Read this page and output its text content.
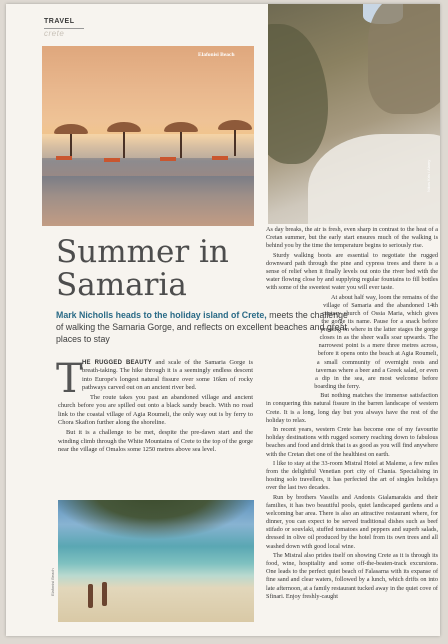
TRAVEL
crete
Elafonisi Beach
Nikos Kris / Alamy
Summer in Samaria
Mark Nicholls heads to the holiday island of Crete, meets the challenge of walking the Samaria Gorge, and reflects on excellent beaches and great places to stay

T HE RUGGED BEAUTY and scale of the Samaria Gorge is breath-taking. The hike through it is a seemingly endless descent into Europe's longest natural fissure over some 16km of rocky pathways carved out on an ancient river bed.

The route takes you past an abandoned village and ancient church before you are spilled out onto a black sandy beach. With no road link to the coastal village of Agia Roumeli, the only way out is by ferry to Chora Skafion further along the shoreline.

But it is a challenge to be met, despite the pre-dawn start and the winding climb through the White Mountains of Crete to the top of the gorge near the village of Omalos some 1250 metres above sea level.

Elafonisi Beach

As day breaks, the air is fresh, even sharp in contrast to the heat of a Cretan summer, but the early start ensures much of the walking is behind you by the time the temperature begins to seriously rise.

Sturdy walking boots are essential to negotiate the rugged downward path through the pine and cypress trees and there is a sense of relief when it finally levels out onto the river bed with the water flowing close by and supplying regular fountains to fill bottles with some of the sweetest water you will ever taste.

At about half way, loom the remains of the village of Samaria and the abandoned 14th century church of Ossia Maria, which gives the gorge its name. Pause for a snack before pressing on where in the latter stages the gorge closes in as the sheer walls soar upwards. The narrowest point is a mere three metres across, before it opens onto the beach at Agia Roumeli, a small community of overnight rests and tavernas where a beer and a Greek salad, or even a dip in the sea, are most welcome before boarding the ferry.

But nothing matches the immense satisfaction in conquering this natural fissure in the barren landscape of western Crete. It is a long, long day but you always have the rest of the holiday to relax.

In recent years, western Crete has become one of my favourite holiday destinations with rugged scenery reaching down to fabulous beaches and food and drink that is as good as you will find anywhere with the Cretan diet one of the healthiest on earth.

I like to stay at the 33-room Mistral Hotel at Maleme, a few miles from the delightful Venetian port city of Chania. Specialising in hosting solo travellers, it has perfected the art of singles holidays over the last two decades.

Run by brothers Vassilis and Andonis Gialamarakis and their families, it has two beautiful pools, quiet landscaped gardens and a welcoming bar area. There is also an attractive restaurant where, for dinner, you can expect to be served traditional dishes such as beef stifado or souvlaki, stuffed tomatoes and peppers and superb salads, dressed in olive oil produced by the hotel from its own trees and all washed down with good local wine.

The Mistral also prides itself on showing Crete as it is through its food, wine, hospitality and some off-the-beaten-track excursions. One leads to the perfect quiet beach of Falasarna with its expanse of fine sand and clear waters, followed by a lunch, which drifts on into late afternoon, at a family restaurant tucked away in the quiet cove of Sfinari. Enjoy freshly-caught
